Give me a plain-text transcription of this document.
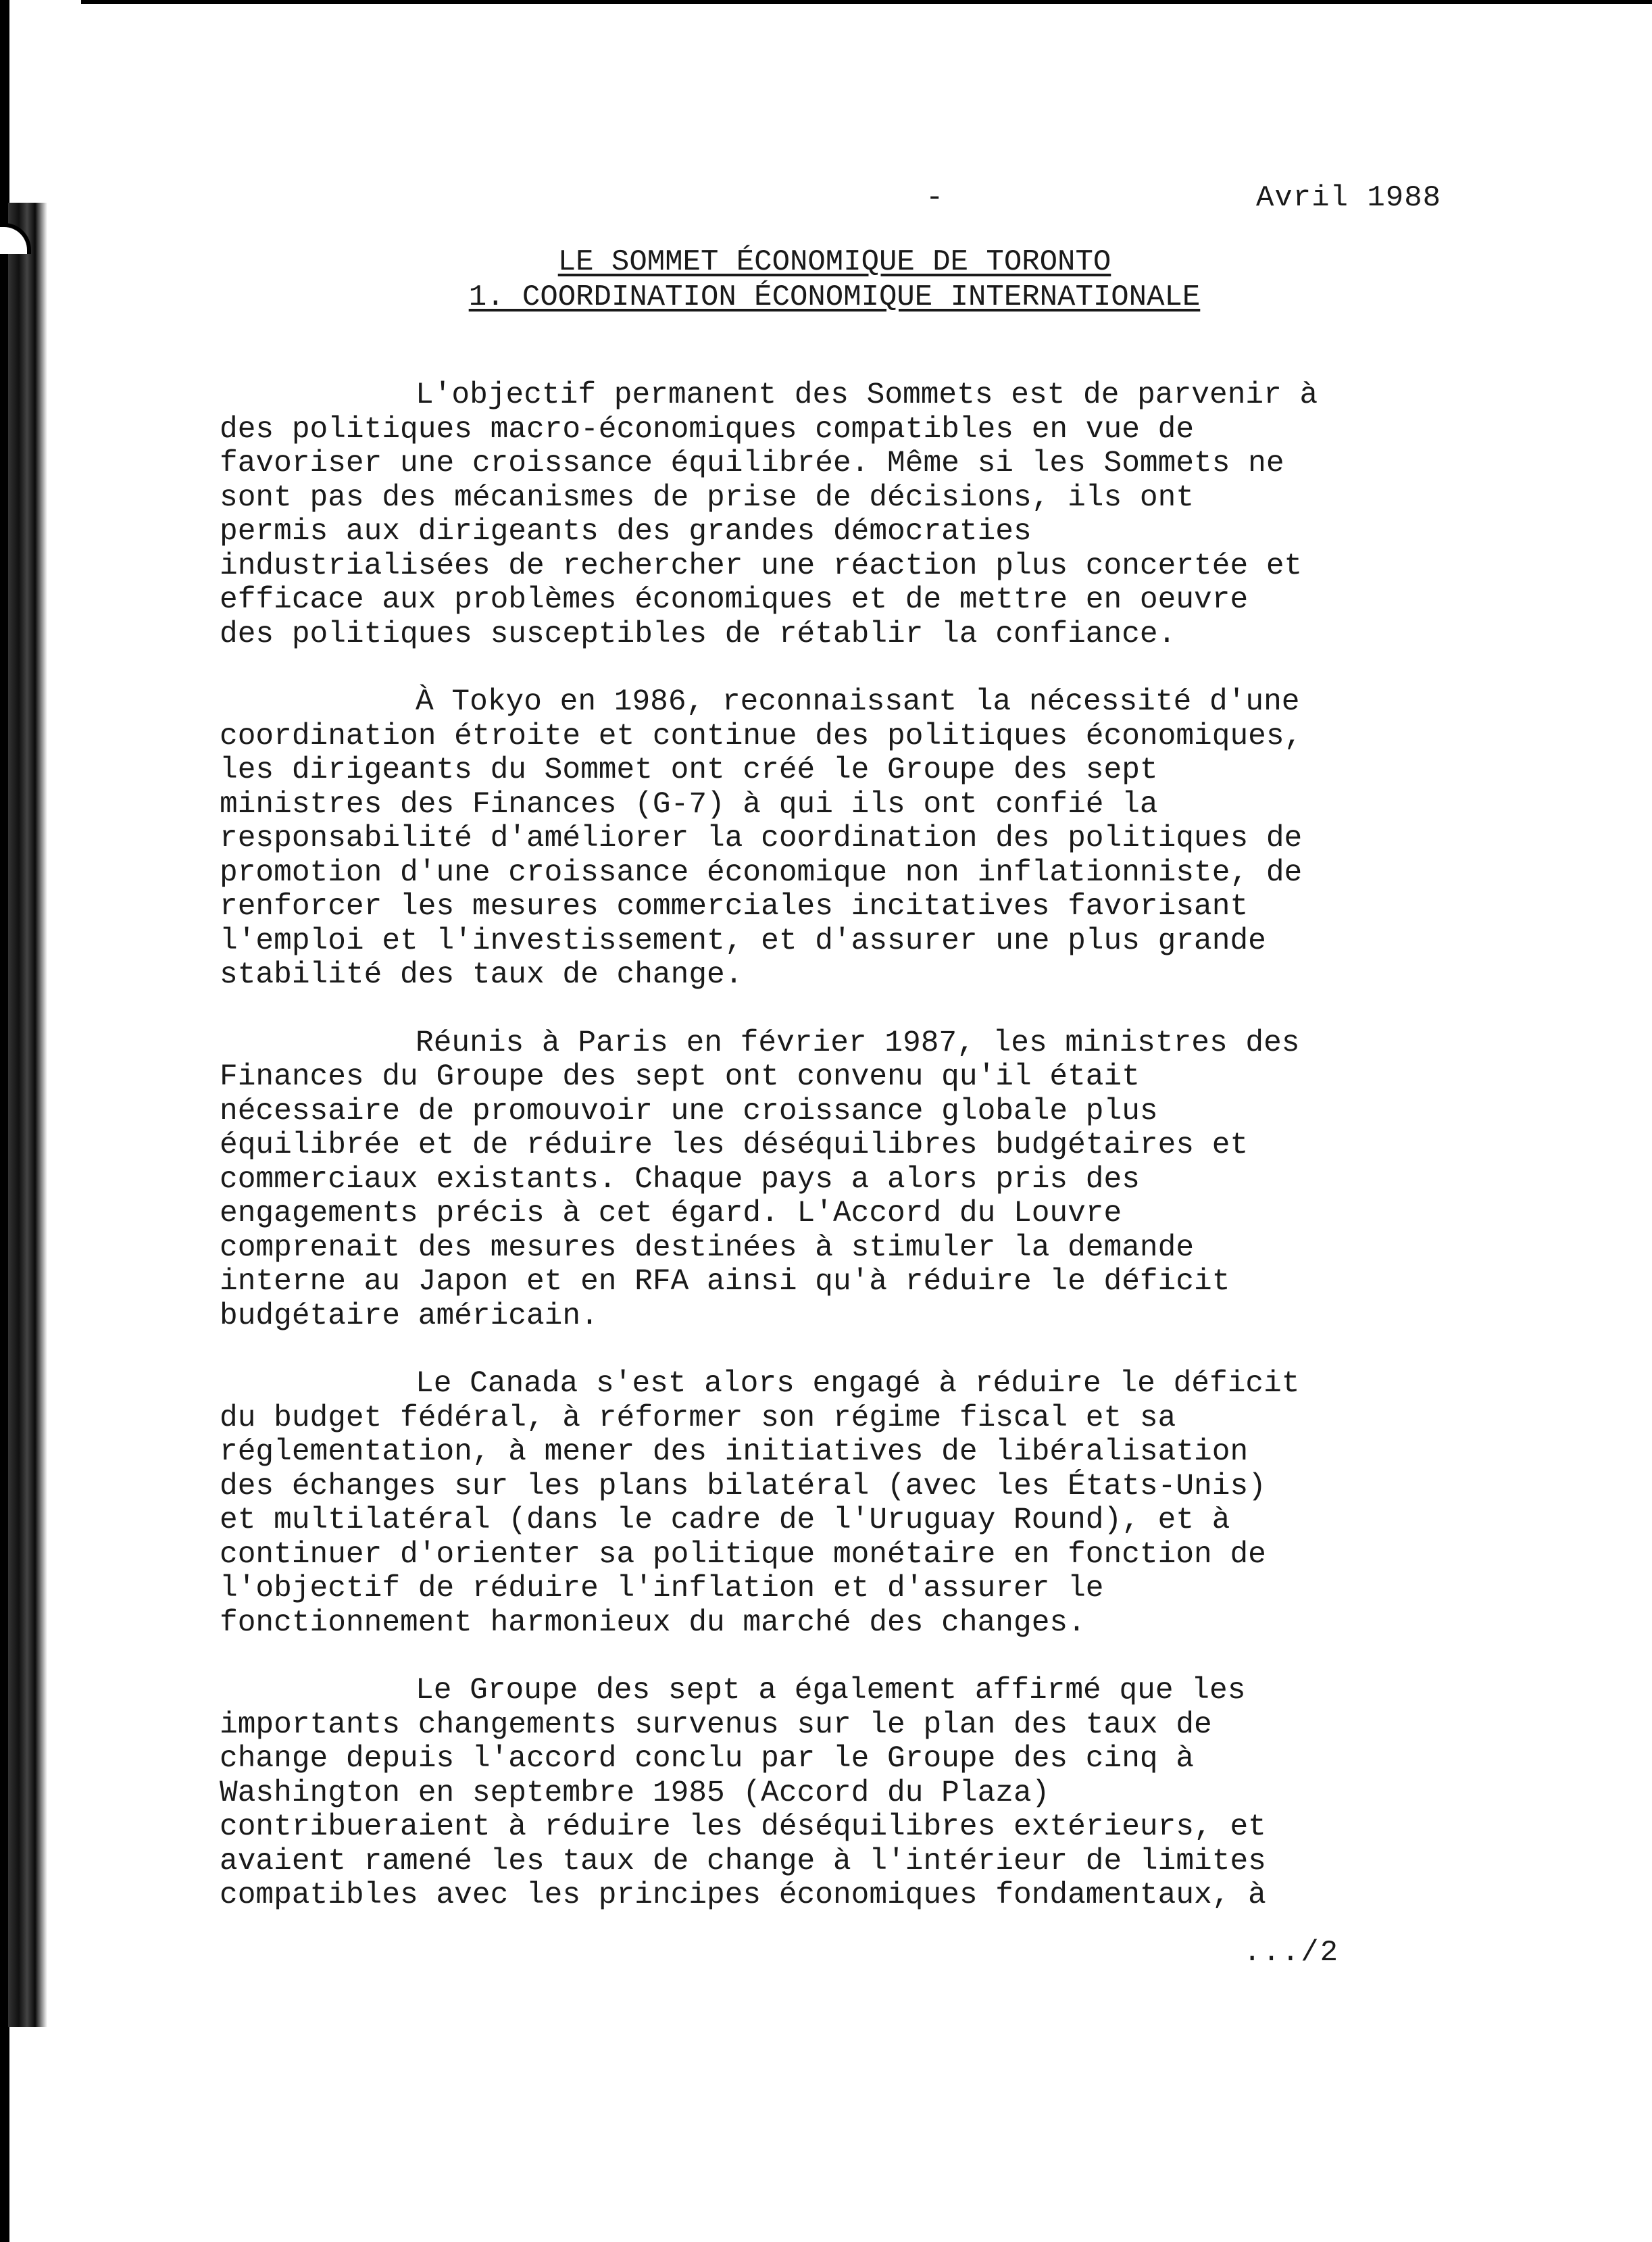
-	Avril 1988
LE SOMMET ÉCONOMIQUE DE TORONTO
1. COORDINATION ÉCONOMIQUE INTERNATIONALE
L'objectif permanent des Sommets est de parvenir à
des politiques macro-économiques compatibles en vue de
favoriser une croissance équilibrée. Même si les Sommets ne
sont pas des mécanismes de prise de décisions, ils ont
permis aux dirigeants des grandes démocraties
industrialisées de rechercher une réaction plus concertée et
efficace aux problèmes économiques et de mettre en oeuvre
des politiques susceptibles de rétablir la confiance.
À Tokyo en 1986, reconnaissant la nécessité d'une
coordination étroite et continue des politiques économiques,
les dirigeants du Sommet ont créé le Groupe des sept
ministres des Finances (G-7) à qui ils ont confié la
responsabilité d'améliorer la coordination des politiques de
promotion d'une croissance économique non inflationniste, de
renforcer les mesures commerciales incitatives favorisant
l'emploi et l'investissement, et d'assurer une plus grande
stabilité des taux de change.
Réunis à Paris en février 1987, les ministres des
Finances du Groupe des sept ont convenu qu'il était
nécessaire de promouvoir une croissance globale plus
équilibrée et de réduire les déséquilibres budgétaires et
commerciaux existants. Chaque pays a alors pris des
engagements précis à cet égard. L'Accord du Louvre
comprenait des mesures destinées à stimuler la demande
interne au Japon et en RFA ainsi qu'à réduire le déficit
budgétaire américain.
Le Canada s'est alors engagé à réduire le déficit
du budget fédéral, à réformer son régime fiscal et sa
réglementation, à mener des initiatives de libéralisation
des échanges sur les plans bilatéral (avec les États-Unis)
et multilatéral (dans le cadre de l'Uruguay Round), et à
continuer d'orienter sa politique monétaire en fonction de
l'objectif de réduire l'inflation et d'assurer le
fonctionnement harmonieux du marché des changes.
Le Groupe des sept a également affirmé que les
importants changements survenus sur le plan des taux de
change depuis l'accord conclu par le Groupe des cinq à
Washington en septembre 1985 (Accord du Plaza)
contribueraient à réduire les déséquilibres extérieurs, et
avaient ramené les taux de change à l'intérieur de limites
compatibles avec les principes économiques fondamentaux, à
.../2
